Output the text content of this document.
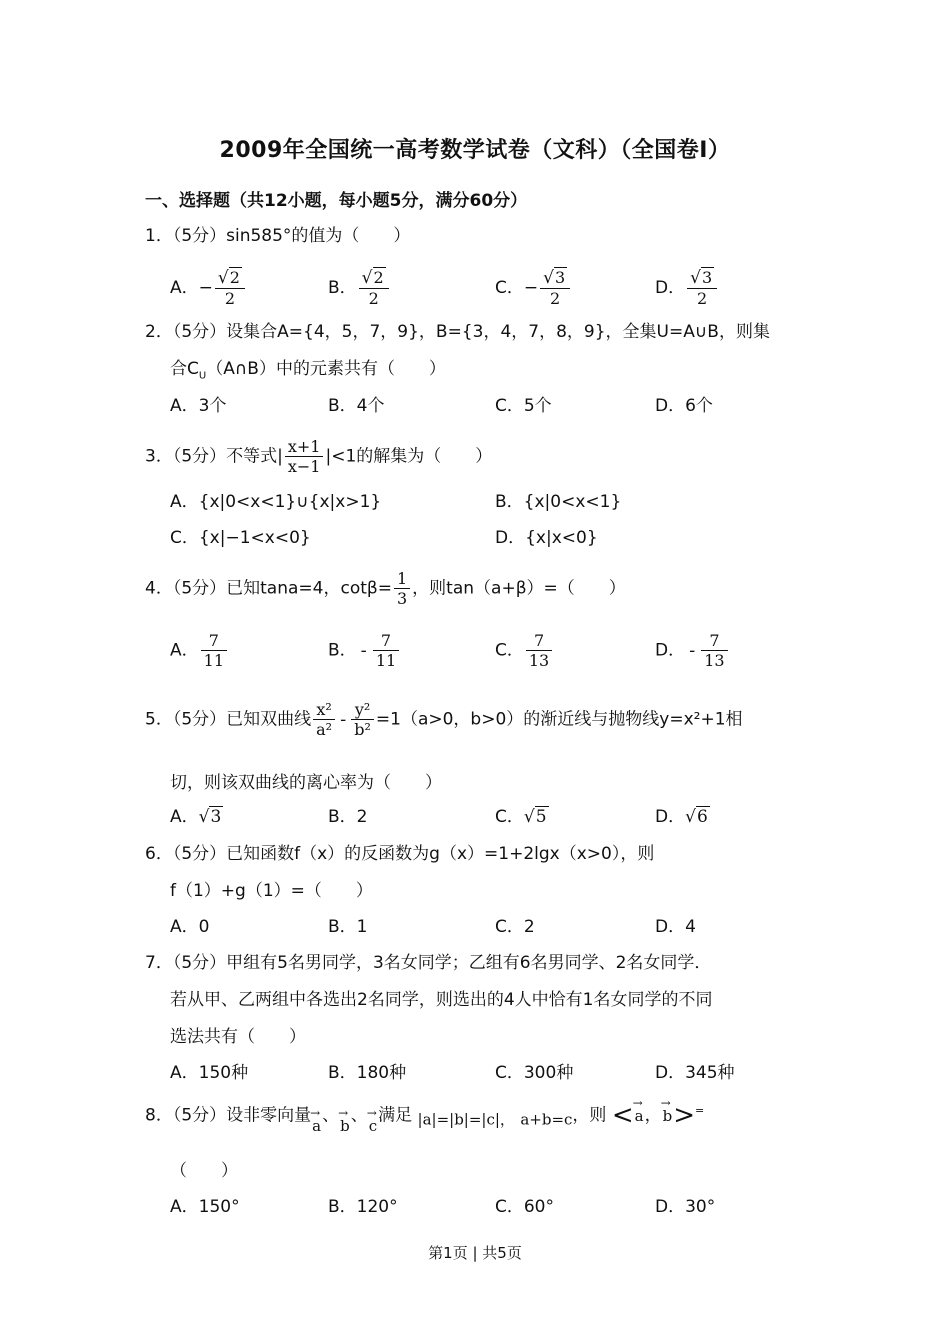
2009年全国统一高考数学试卷（文科）（全国卷Ⅰ）
一、选择题（共12小题，每小题5分，满分60分）
1．（5分）sin585°的值为（　　）
A．− $\frac{√2}{2}$	B． $\frac{√2}{2}$	C．− $\frac{√3}{2}$	D． $\frac{√3}{2}$
2．（5分）设集合A={4，5，7，9}，B={3，4，7，8，9}，全集U=A∪B，则集
合$C_U(A\cap B)$中的元素共有（　　）
A．3个	B．4个	C．5个	D．6个
3．（5分）不等式| $\frac{x+1}{x-1} |<1$的解集为（　　）
A．{x|0<x<1}∪{x|x>1}	B．{x|0<x<1}
C．{x|−1<x<0}	D．{x|x<0}
4．（5分）已知tana=4，$\cot\beta= \frac{1}{3}$ ，则tan（a+β）=（　　）
A． $\frac{7}{11}$	B． - $\frac{7}{11}$	C． $\frac{7}{13}$	D． - $\frac{7}{13}$
5．（5分）已知双曲线 $\frac{\text{x²}}{\text{a²}} - \frac{\text{y²}}{\text{b²}} =1(a>0$，b>0）的渐近线与抛物线y=x²+1相
切，则该双曲线的离心率为（　　）
A．√3	B．2	C．√5	D．√6
6．（5分）已知函数f（x）的反函数为g（x）=1+2lgx（x>0），则
f（1）+g（1）=（　　）
A．0	B．1	C．2	D．4
7．（5分）甲组有5名男同学，3名女同学；乙组有6名男同学、2名女同学．
若从甲、乙两组中各选出2名同学，则选出的4人中恰有1名女同学的不同
选法共有（　　）
A．150种	B．180种	C．300种	D．345种
8．（5分）设非零向量→ a、→ b、→ c满足 |a|=|b|=|c|， a+b=c，则 <→ a，→ b>=
（　　）
A．150°	B．120°	C．60°	D．30°
第1页 | 共5页
